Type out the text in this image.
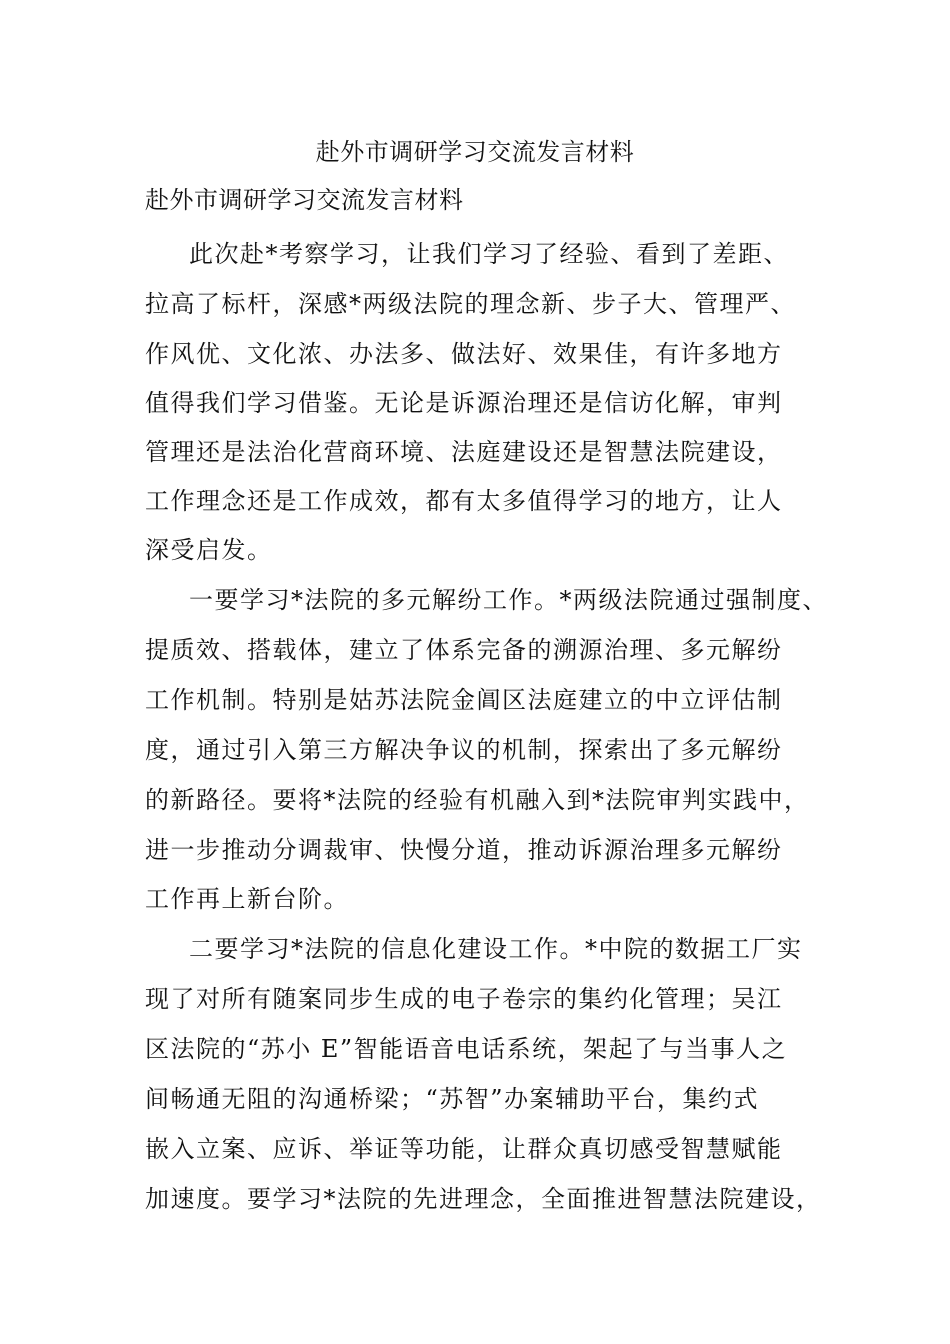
赴外市调研学习交流发言材料
赴外市调研学习交流发言材料
此次赴*考察学习，让我们学习了经验、看到了差距、
拉高了标杆，深感*两级法院的理念新、步子大、管理严、
作风优、文化浓、办法多、做法好、效果佳，有许多地方
值得我们学习借鉴。无论是诉源治理还是信访化解，审判
管理还是法治化营商环境、法庭建设还是智慧法院建设，
工作理念还是工作成效，都有太多值得学习的地方，让人
深受启发。
一要学习*法院的多元解纷工作。*两级法院通过强制度、
提质效、搭载体，建立了体系完备的溯源治理、多元解纷
工作机制。特别是姑苏法院金阊区法庭建立的中立评估制
度，通过引入第三方解决争议的机制，探索出了多元解纷
的新路径。要将*法院的经验有机融入到*法院审判实践中，
进一步推动分调裁审、快慢分道，推动诉源治理多元解纷
工作再上新台阶。
二要学习*法院的信息化建设工作。*中院的数据工厂实
现了对所有随案同步生成的电子卷宗的集约化管理；吴江
区法院的“苏小 E”智能语音电话系统，架起了与当事人之
间畅通无阻的沟通桥梁；“苏智”办案辅助平台，集约式
嵌入立案、应诉、举证等功能，让群众真切感受智慧赋能
加速度。要学习*法院的先进理念，全面推进智慧法院建设，
